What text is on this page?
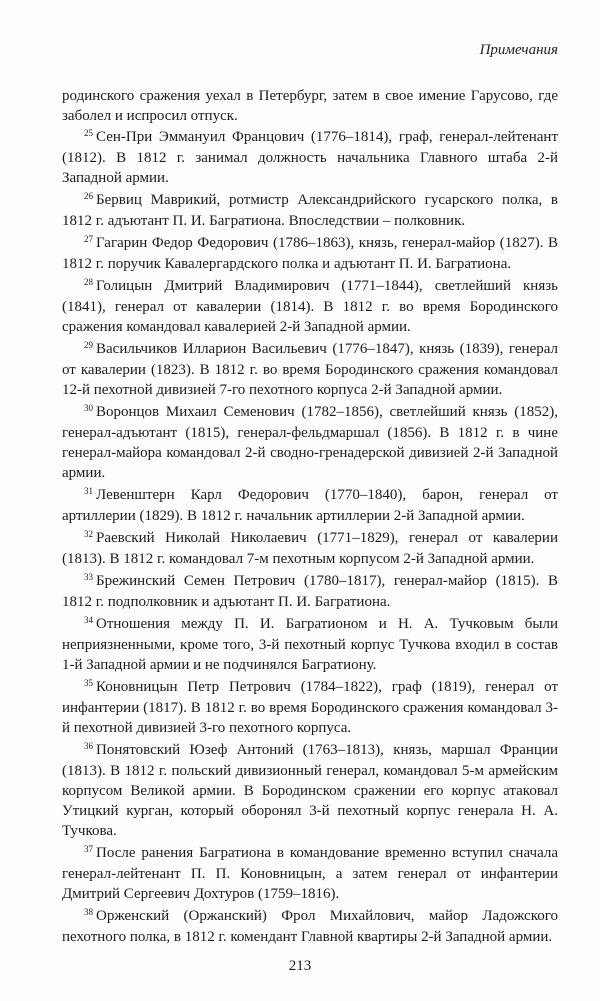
Примечания

родинского сражения уехал в Петербург, затем в свое имение Гарусово, где заболел и испросил отпуск.

$^{25}$ Сен-При Эммануил Францович (1776–1814), граф, генерал-лейтенант (1812). В 1812 г. занимал должность начальника Главного штаба 2-й Западной армии.

$^{26}$ Бервиц Маврикий, ротмистр Александрийского гусарского полка, в 1812 г. адъютант П. И. Багратиона. Впоследствии – полковник.

$^{27}$ Гагарин Федор Федорович (1786–1863), князь, генерал-майор (1827). В 1812 г. поручик Кавалергардского полка и адъютант П. И. Багратиона.

$^{28}$ Голицын Дмитрий Владимирович (1771–1844), светлейший князь (1841), генерал от кавалерии (1814). В 1812 г. во время Бородинского сражения командовал кавалерией 2-й Западной армии.

$^{29}$ Васильчиков Илларион Васильевич (1776–1847), князь (1839), генерал от кавалерии (1823). В 1812 г. во время Бородинского сражения командовал 12-й пехотной дивизией 7-го пехотного корпуса 2-й Западной армии.

$^{30}$ Воронцов Михаил Семенович (1782–1856), светлейший князь (1852), генерал-адъютант (1815), генерал-фельдмаршал (1856). В 1812 г. в чине генерал-майора командовал 2-й сводно-гренадерской дивизией 2-й Западной армии.

$^{31}$ Левенштерн Карл Федорович (1770–1840), барон, генерал от артиллерии (1829). В 1812 г. начальник артиллерии 2-й Западной армии.

$^{32}$ Раевский Николай Николаевич (1771–1829), генерал от кавалерии (1813). В 1812 г. командовал 7-м пехотным корпусом 2-й Западной армии.

$^{33}$ Брежинский Семен Петрович (1780–1817), генерал-майор (1815). В 1812 г. подполковник и адъютант П. И. Багратиона.

$^{34}$ Отношения между П. И. Багратионом и Н. А. Тучковым были неприязненными, кроме того, 3-й пехотный корпус Тучкова входил в состав 1-й Западной армии и не подчинялся Багратиону.

$^{35}$ Коновницын Петр Петрович (1784–1822), граф (1819), генерал от инфантерии (1817). В 1812 г. во время Бородинского сражения командовал 3-й пехотной дивизией 3-го пехотного корпуса.

$^{36}$ Понятовский Юзеф Антоний (1763–1813), князь, маршал Франции (1813). В 1812 г. польский дивизионный генерал, командовал 5-м армейским корпусом Великой армии. В Бородинском сражении его корпус атаковал Утицкий курган, который оборонял 3-й пехотный корпус генерала Н. А. Тучкова.

$^{37}$ После ранения Багратиона в командование временно вступил сначала генерал-лейтенант П. П. Коновницын, а затем генерал от инфантерии Дмитрий Сергеевич Дохтуров (1759–1816).

$^{38}$ Орженский (Оржанский) Фрол Михайлович, майор Ладожского пехотного полка, в 1812 г. комендант Главной квартиры 2-й Западной армии.

213
